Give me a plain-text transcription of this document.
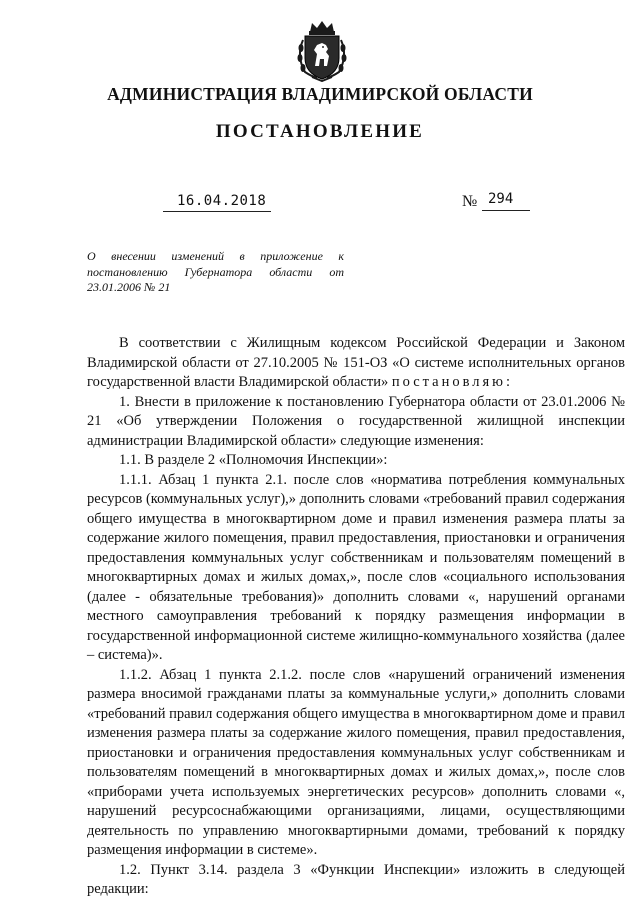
АДМИНИСТРАЦИЯ ВЛАДИМИРСКОЙ ОБЛАСТИ
ПОСТАНОВЛЕНИЕ
16.04.2018	№ 294
О внесении изменений в приложение к постановлению Губернатора области от 23.01.2006 № 21

В соответствии с Жилищным кодексом Российской Федерации и Законом Владимирской области от 27.10.2005 № 151-ОЗ «О системе исполнительных органов государственной власти Владимирской области» постановляю:

1. Внести в приложение к постановлению Губернатора области от 23.01.2006 № 21 «Об утверждении Положения о государственной жилищной инспекции администрации Владимирской области» следующие изменения:

1.1. В разделе 2 «Полномочия Инспекции»:

1.1.1. Абзац 1 пункта 2.1. после слов «норматива потребления коммунальных ресурсов (коммунальных услуг),» дополнить словами «требований правил содержания общего имущества в многоквартирном доме и правил изменения размера платы за содержание жилого помещения, правил предоставления, приостановки и ограничения предоставления коммунальных услуг собственникам и пользователям помещений в многоквартирных домах и жилых домах,», после слов «социального использования (далее - обязательные требования)» дополнить словами «, нарушений органами местного самоуправления требований к порядку размещения информации в государственной информационной системе жилищно-коммунального хозяйства (далее – система)».

1.1.2. Абзац 1 пункта 2.1.2. после слов «нарушений ограничений изменения размера вносимой гражданами платы за коммунальные услуги,» дополнить словами «требований правил содержания общего имущества в многоквартирном доме и правил изменения размера платы за содержание жилого помещения, правил предоставления, приостановки и ограничения предоставления коммунальных услуг собственникам и пользователям помещений в многоквартирных домах и жилых домах,», после слов «приборами учета используемых энергетических ресурсов» дополнить словами «, нарушений ресурсоснабжающими организациями, лицами, осуществляющими деятельность по управлению многоквартирными домами, требований к порядку размещения информации в системе».

1.2. Пункт 3.14. раздела 3 «Функции Инспекции» изложить в следующей редакции:
